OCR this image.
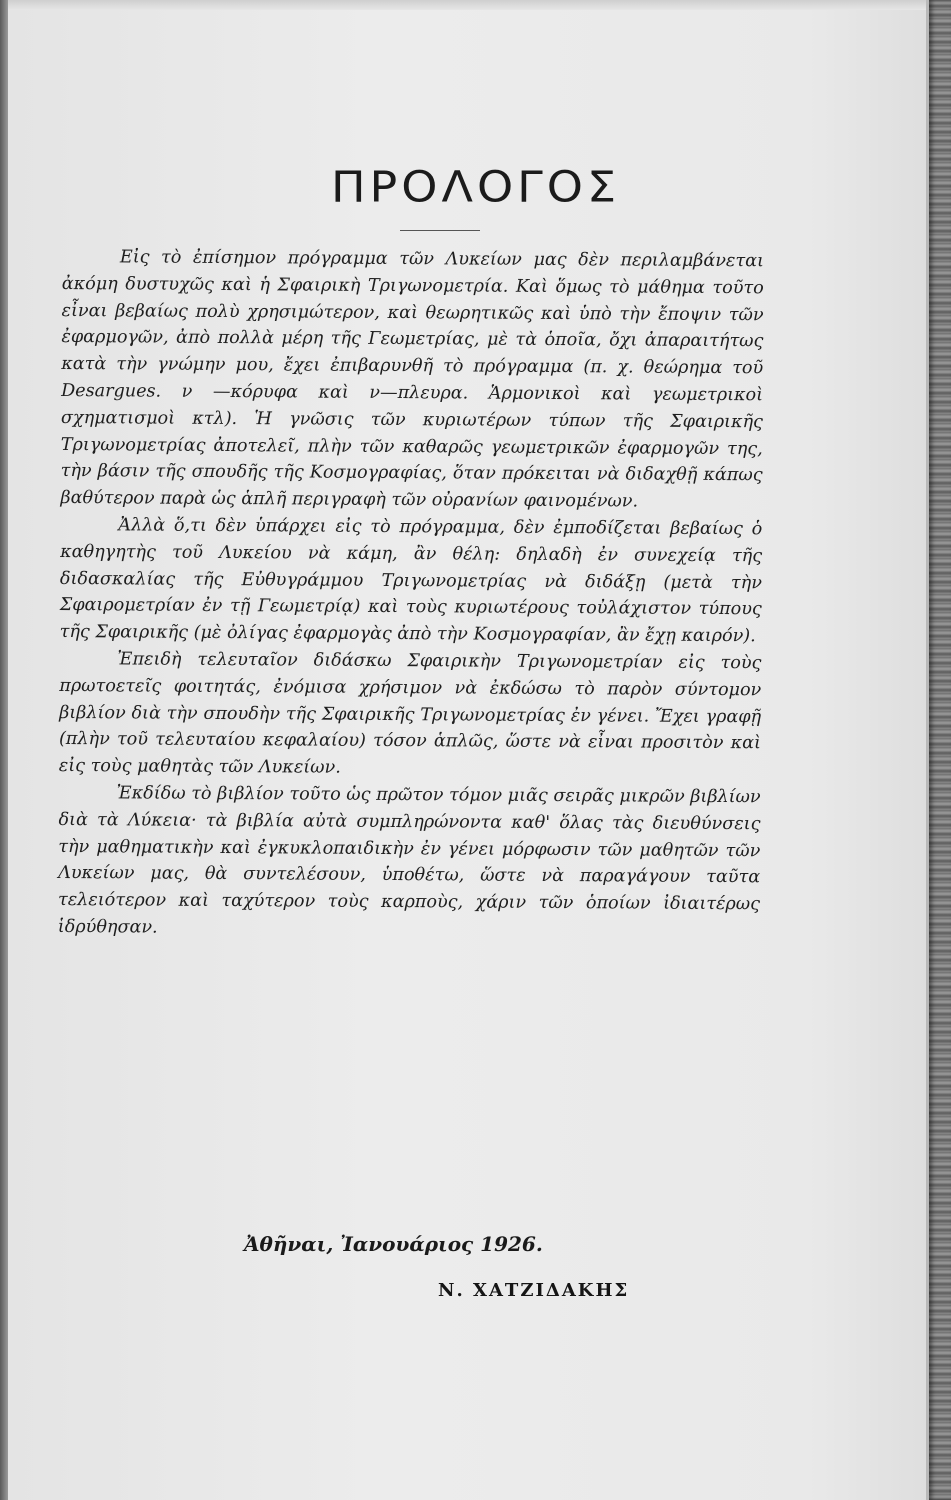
ΠΡΟΛΟΓΟΣ

Εἰς τὸ ἐπίσημον πρόγραμμα τῶν Λυκείων μας δὲν περιλαμβάνεται ἀκόμη δυστυχῶς καὶ ἡ Σφαιρικὴ Τριγωνομετρία. Καὶ ὅμως τὸ μάθημα τοῦτο εἶναι βεβαίως πολὺ χρησιμώτερον, καὶ θεωρητικῶς καὶ ὑπὸ τὴν ἔποψιν τῶν ἐφαρμογῶν, ἀπὸ πολλὰ μέρη τῆς Γεωμετρίας, μὲ τὰ ὁποῖα, ὄχι ἀπαραιτήτως κατὰ τὴν γνώμην μου, ἔχει ἐπιβαρυνθῆ τὸ πρόγραμμα (π. χ. θεώρημα τοῦ Desargues. ν —κόρυφα καὶ ν—πλευρα. Ἁρμονικοὶ καὶ γεωμετρικοὶ σχηματισμοὶ κτλ). Ἡ γνῶσις τῶν κυριωτέρων τύπων τῆς Σφαιρικῆς Τριγωνομετρίας ἀποτελεῖ, πλὴν τῶν καθαρῶς γεωμετρικῶν ἐφαρμογῶν της, τὴν βάσιν τῆς σπουδῆς τῆς Κοσμογραφίας, ὅταν πρόκειται νὰ διδαχθῇ κάπως βαθύτερον παρὰ ὡς ἁπλῆ περιγραφὴ τῶν οὐρανίων φαινομένων.

Ἀλλὰ ὅ,τι δὲν ὑπάρχει εἰς τὸ πρόγραμμα, δὲν ἐμποδίζεται βεβαίως ὁ καθηγητὴς τοῦ Λυκείου νὰ κάμη, ἂν θέλη: δηλαδὴ ἐν συνεχείᾳ τῆς διδασκαλίας τῆς Εὐθυγράμμου Τριγωνομετρίας νὰ διδάξῃ (μετὰ τὴν Σφαιρομετρίαν ἐν τῇ Γεωμετρίᾳ) καὶ τοὺς κυριωτέρους τοὐλάχιστον τύπους τῆς Σφαιρικῆς (μὲ ὀλίγας ἐφαρμογὰς ἀπὸ τὴν Κοσμογραφίαν, ἂν ἔχῃ καιρόν).

Ἐπειδὴ τελευταῖον διδάσκω Σφαιρικὴν Τριγωνομετρίαν εἰς τοὺς πρωτοετεῖς φοιτητάς, ἐνόμισα χρήσιμον νὰ ἐκδώσω τὸ παρὸν σύντομον βιβλίον διὰ τὴν σπουδὴν τῆς Σφαιρικῆς Τριγωνομετρίας ἐν γένει. Ἔχει γραφῇ (πλὴν τοῦ τελευταίου κεφαλαίου) τόσον ἁπλῶς, ὥστε νὰ εἶναι προσιτὸν καὶ εἰς τοὺς μαθητὰς τῶν Λυκείων.

Ἐκδίδω τὸ βιβλίον τοῦτο ὡς πρῶτον τόμον μιᾶς σειρᾶς μικρῶν βιβλίων διὰ τὰ Λύκεια· τὰ βιβλία αὐτὰ συμπληρώνοντα καθ' ὅλας τὰς διευθύνσεις τὴν μαθηματικὴν καὶ ἐγκυκλοπαιδικὴν ἐν γένει μόρφωσιν τῶν μαθητῶν τῶν Λυκείων μας, θὰ συντελέσουν, ὑποθέτω, ὥστε νὰ παραγάγουν ταῦτα τελειότερον καὶ ταχύτερον τοὺς καρποὺς, χάριν τῶν ὁποίων ἰδιαιτέρως ἱδρύθησαν.

Ἀθῆναι, Ἰανουάριος 1926.
Ν. ΧΑΤΖΙΔΑΚΗΣ
